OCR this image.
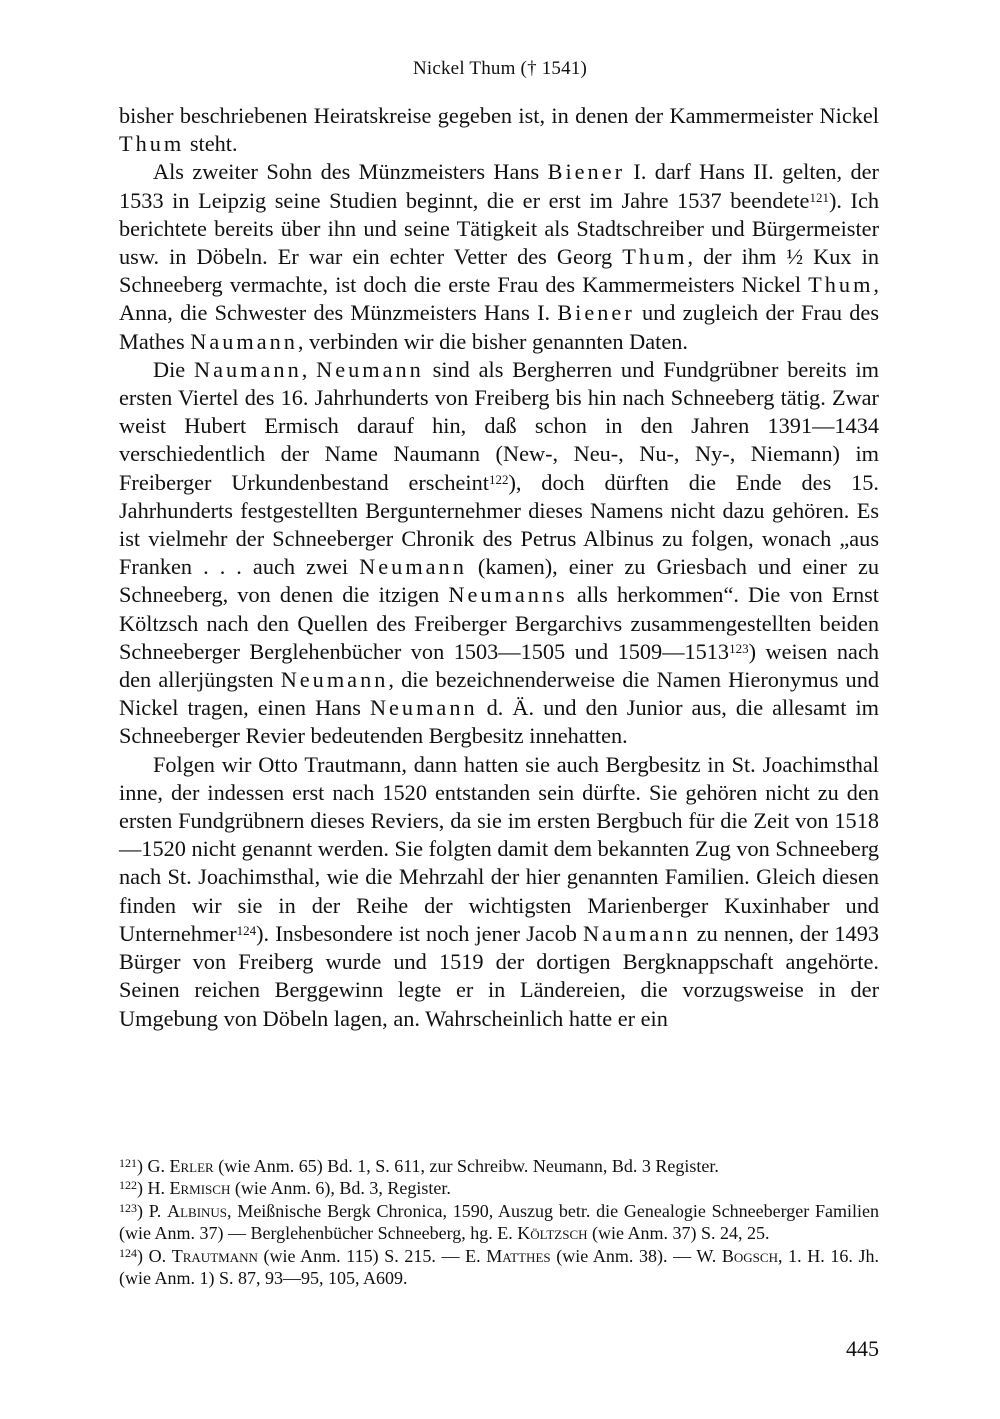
Nickel Thum († 1541)

bisher beschriebenen Heiratskreise gegeben ist, in denen der Kammermeister Nickel Thum steht.

Als zweiter Sohn des Münzmeisters Hans Biener I. darf Hans II. gelten, der 1533 in Leipzig seine Studien beginnt, die er erst im Jahre 1537 beendete$^{121}$). Ich berichtete bereits über ihn und seine Tätigkeit als Stadtschreiber und Bürgermeister usw. in Döbeln. Er war ein echter Vetter des Georg Thum, der ihm ½ Kux in Schneeberg vermachte, ist doch die erste Frau des Kammermeisters Nickel Thum, Anna, die Schwester des Münzmeisters Hans I. Biener und zugleich der Frau des Mathes Naumann, verbinden wir die bisher genannten Daten.

Die Naumann, Neumann sind als Bergherren und Fundgrübner bereits im ersten Viertel des 16. Jahrhunderts von Freiberg bis hin nach Schneeberg tätig. Zwar weist Hubert Ermisch darauf hin, daß schon in den Jahren 1391—1434 verschiedentlich der Name Naumann (New-, Neu-, Nu-, Ny-, Niemann) im Freiberger Urkundenbestand erscheint$^{122}$), doch dürften die Ende des 15. Jahrhunderts festgestellten Bergunternehmer dieses Namens nicht dazu gehören. Es ist vielmehr der Schneeberger Chronik des Petrus Albinus zu folgen, wonach „aus Franken . . . auch zwei Neumann (kamen), einer zu Griesbach und einer zu Schneeberg, von denen die itzigen Neumanns alls herkommen“. Die von Ernst Költzsch nach den Quellen des Freiberger Bergarchivs zusammengestellten beiden Schneeberger Berglehenbücher von 1503—1505 und 1509—1513$^{123}$) weisen nach den allerjüngsten Neumann, die bezeichnenderweise die Namen Hieronymus und Nickel tragen, einen Hans Neumann d. Ä. und den Junior aus, die allesamt im Schneeberger Revier bedeutenden Bergbesitz innehatten.

Folgen wir Otto Trautmann, dann hatten sie auch Bergbesitz in St. Joachimsthal inne, der indessen erst nach 1520 entstanden sein dürfte. Sie gehören nicht zu den ersten Fundgrübnern dieses Reviers, da sie im ersten Bergbuch für die Zeit von 1518—1520 nicht genannt werden. Sie folgten damit dem bekannten Zug von Schneeberg nach St. Joachimsthal, wie die Mehrzahl der hier genannten Familien. Gleich diesen finden wir sie in der Reihe der wichtigsten Marienberger Kuxinhaber und Unternehmer$^{124}$). Insbesondere ist noch jener Jacob Naumann zu nennen, der 1493 Bürger von Freiberg wurde und 1519 der dortigen Bergknappschaft angehörte. Seinen reichen Berggewinn legte er in Ländereien, die vorzugsweise in der Umgebung von Döbeln lagen, an. Wahrscheinlich hatte er ein

$^{121}$) G. Erler (wie Anm. 65) Bd. 1, S. 611, zur Schreibw. Neumann, Bd. 3 Register.

$^{122}$) H. Ermisch (wie Anm. 6), Bd. 3, Register.

$^{123}$) P. Albinus, Meißnische Bergk Chronica, 1590, Auszug betr. die Genealogie Schneeberger Familien (wie Anm. 37) — Berglehenbücher Schneeberg, hg. E. Költzsch (wie Anm. 37) S. 24, 25.

$^{124}$) O. Trautmann (wie Anm. 115) S. 215. — E. Matthes (wie Anm. 38). — W. Bogsch, 1. H. 16. Jh. (wie Anm. 1) S. 87, 93—95, 105, A609.

445
